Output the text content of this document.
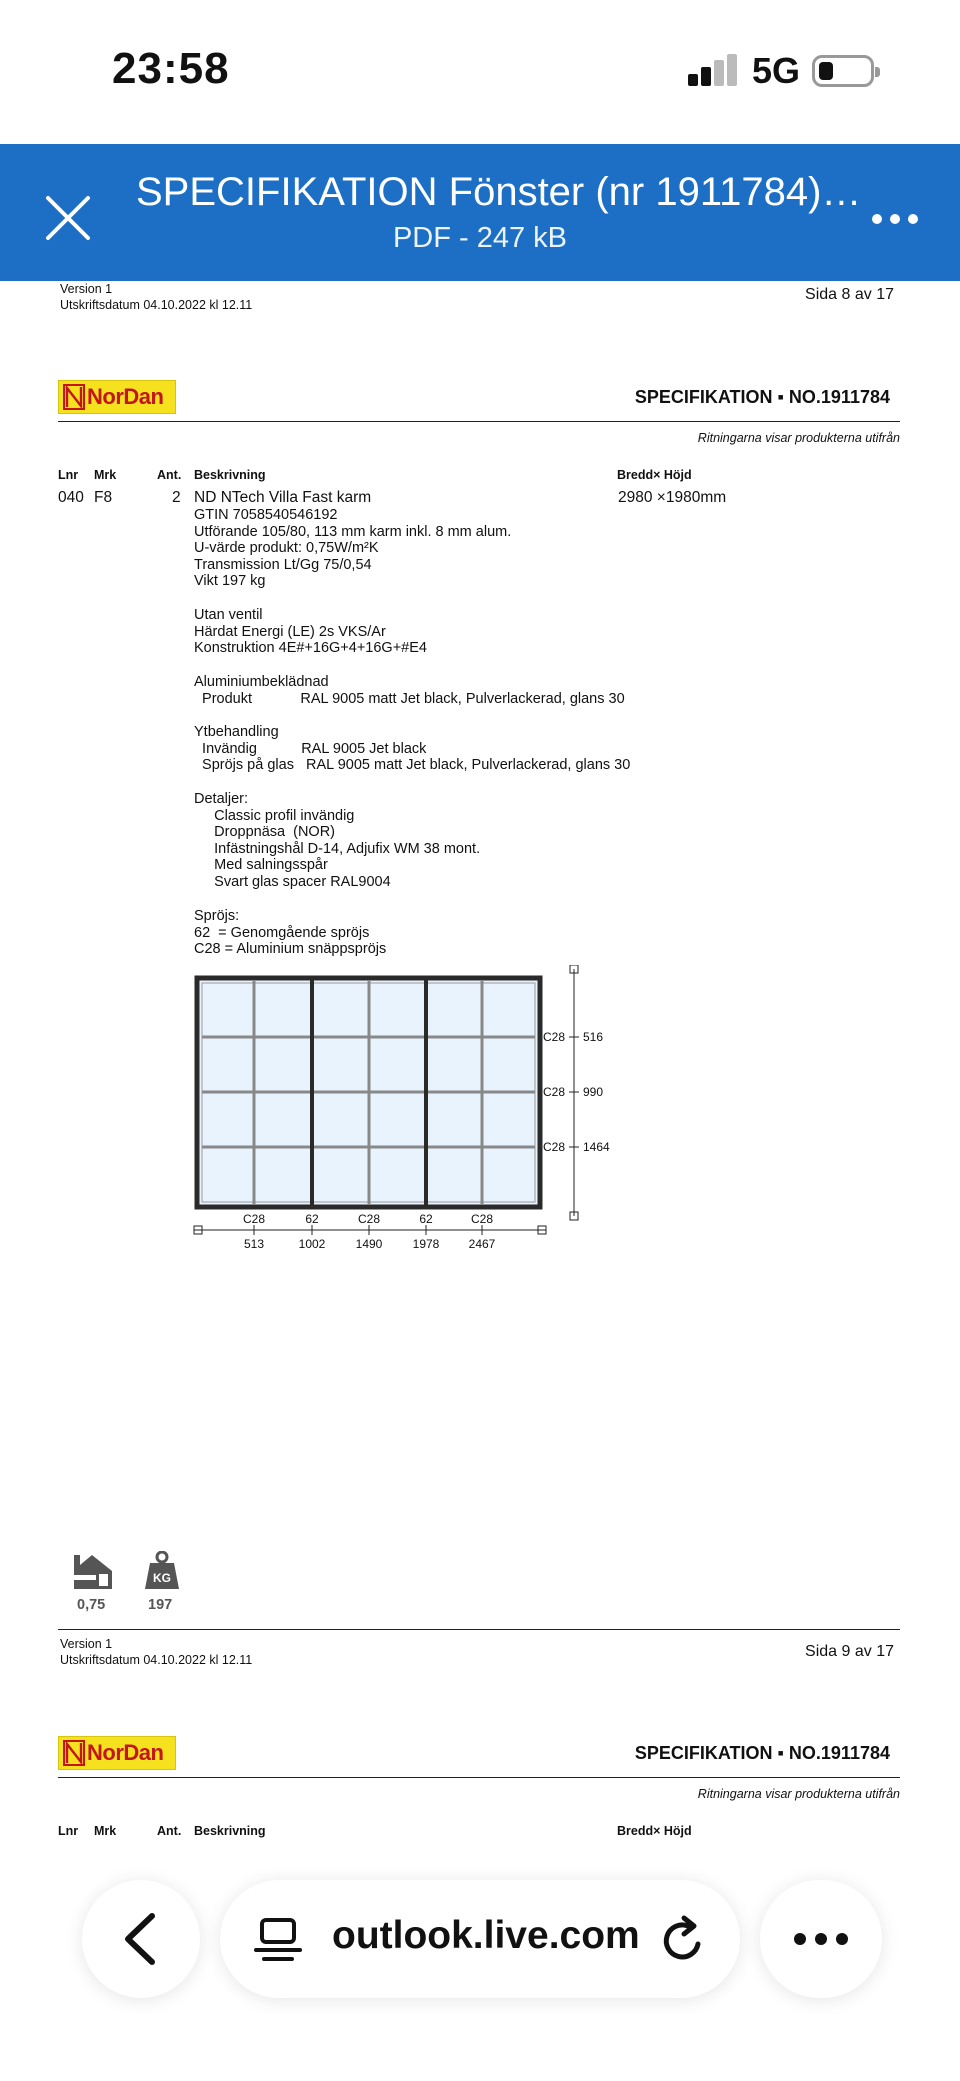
23:58	5G
SPECIFIKATION Fönster (nr 1911784)…
PDF - 247 kB
Version 1
Utskriftsdatum 04.10.2022 kl 12.11
Sida 8 av 17
NorDan	SPECIFIKATION ▪ NO.1911784
Ritningarna visar produkterna utifrån
Lnr Mrk	Ant. Beskrivning	Bredd× Höjd
040 F8	2 ND NTech Villa Fast karm	2980 ×1980mm
GTIN 7058540546192
Utförande 105/80, 113 mm karm inkl. 8 mm alum.
U-värde produkt: 0,75W/m²K
Transmission Lt/Gg 75/0,54
Vikt 197 kg
Utan ventil
Härdat Energi (LE) 2s VKS/Ar
Konstruktion 4E#+16G+4+16G+#E4
Aluminiumbeklädnad
Produkt            RAL 9005 matt Jet black, Pulverlackerad, glans 30
Ytbehandling
Invändig           RAL 9005 Jet black
Spröjs på glas   RAL 9005 matt Jet black, Pulverlackerad, glans 30
Detaljer:
Classic profil invändig
Droppnäsa  (NOR)
Infästningshål D-14, Adjufix WM 38 mont.
Med salningsspår
Svart glas spacer RAL9004
Spröjs:
62  = Genomgående spröjs
C28 = Aluminium snäppspröjs
C28
C28
C28
516
990
1464
C28	62	C28	62	C28
513	1002	1490	1978 2467
0,75
KG
197
Version 1
Utskriftsdatum 04.10.2022 kl 12.11	Sida 9 av 17
NorDan	SPECIFIKATION ▪ NO.1911784
Ritningarna visar produkterna utifrån
Lnr Mrk	Ant. Beskrivning	Bredd× Höjd
outlook.live.com
